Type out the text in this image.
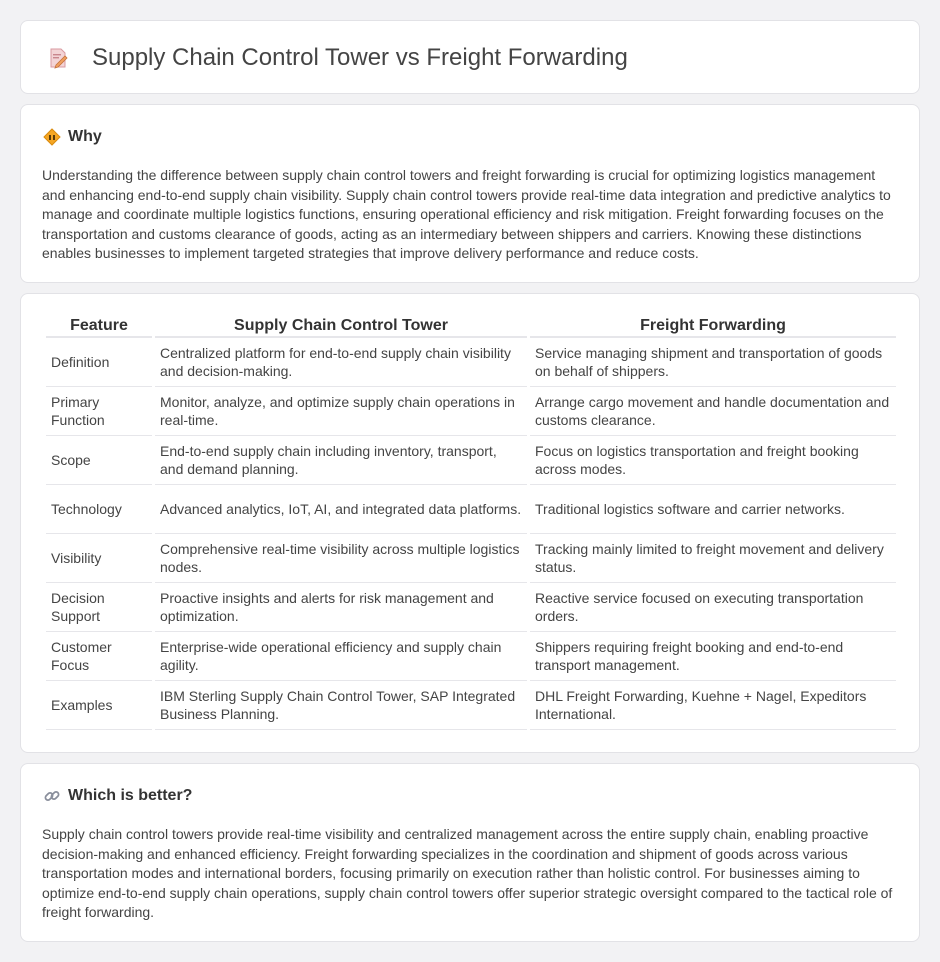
Supply Chain Control Tower vs Freight Forwarding
Why
Understanding the difference between supply chain control towers and freight forwarding is crucial for optimizing logistics management and enhancing end-to-end supply chain visibility. Supply chain control towers provide real-time data integration and predictive analytics to manage and coordinate multiple logistics functions, ensuring operational efficiency and risk mitigation. Freight forwarding focuses on the transportation and customs clearance of goods, acting as an intermediary between shippers and carriers. Knowing these distinctions enables businesses to implement targeted strategies that improve delivery performance and reduce costs.
Feature	Supply Chain Control Tower	Freight Forwarding
Definition	Centralized platform for end-to-end supply chain visibility and decision-making.	Service managing shipment and transportation of goods on behalf of shippers.
Primary Function	Monitor, analyze, and optimize supply chain operations in real-time.	Arrange cargo movement and handle documentation and customs clearance.
Scope	End-to-end supply chain including inventory, transport, and demand planning.	Focus on logistics transportation and freight booking across modes.
Technology	Advanced analytics, IoT, AI, and integrated data platforms.	Traditional logistics software and carrier networks.
Visibility	Comprehensive real-time visibility across multiple logistics nodes.	Tracking mainly limited to freight movement and delivery status.
Decision Support	Proactive insights and alerts for risk management and optimization.	Reactive service focused on executing transportation orders.
Customer Focus	Enterprise-wide operational efficiency and supply chain agility.	Shippers requiring freight booking and end-to-end transport management.
Examples	IBM Sterling Supply Chain Control Tower, SAP Integrated Business Planning.	DHL Freight Forwarding, Kuehne + Nagel, Expeditors International.
Which is better?
Supply chain control towers provide real-time visibility and centralized management across the entire supply chain, enabling proactive decision-making and enhanced efficiency. Freight forwarding specializes in the coordination and shipment of goods across various transportation modes and international borders, focusing primarily on execution rather than holistic control. For businesses aiming to optimize end-to-end supply chain operations, supply chain control towers offer superior strategic oversight compared to the tactical role of freight forwarding.
